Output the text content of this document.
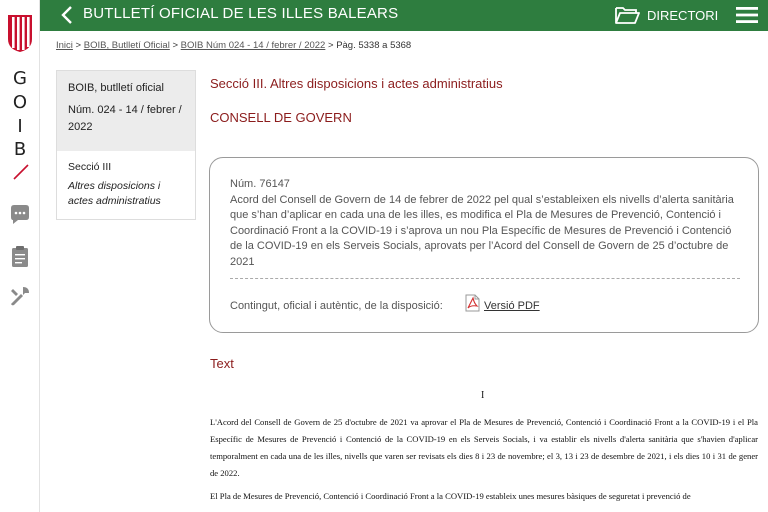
G
O
I
B
BUTLLETÍ OFICIAL DE LES ILLES BALEARS	DIRECTORI
Inici > BOIB, Butlletí Oficial > BOIB Núm 024 - 14 / febrer / 2022 > Pàg. 5338 a 5368
BOIB, butlletí oficial
Núm. 024 - 14 / febrer / 2022
Secció III
Altres disposicions i actes administratius
Secció III. Altres disposicions i actes administratius
CONSELL DE GOVERN
Núm. 76147
Acord del Consell de Govern de 14 de febrer de 2022 pel qual s’estableixen els nivells d’alerta sanitària que s’han d’aplicar en cada una de les illes, es modifica el Pla de Mesures de Prevenció, Contenció i Coordinació Front a la COVID-19 i s’aprova un nou Pla Específic de Mesures de Prevenció i Contenció de la COVID-19 en els Serveis Socials, aprovats per l’Acord del Consell de Govern de 25 d’octubre de 2021
Contingut, oficial i autèntic, de la disposició:	Versió PDF
Text
I

L'Acord del Consell de Govern de 25 d'octubre de 2021 va aprovar el Pla de Mesures de Prevenció, Contenció i Coordinació Front a la COVID-19 i el Pla Específic de Mesures de Prevenció i Contenció de la COVID-19 en els Serveis Socials, i va establir els nivells d'alerta sanitària que s'havien d'aplicar temporalment en cada una de les illes, nivells que varen ser revisats els dies 8 i 23 de novembre; el 3, 13 i 23 de desembre de 2021, i els dies 10 i 31 de gener de 2022.

El Pla de Mesures de Prevenció, Contenció i Coordinació Front a la COVID-19 estableix unes mesures bàsiques de seguretat i prevenció de
